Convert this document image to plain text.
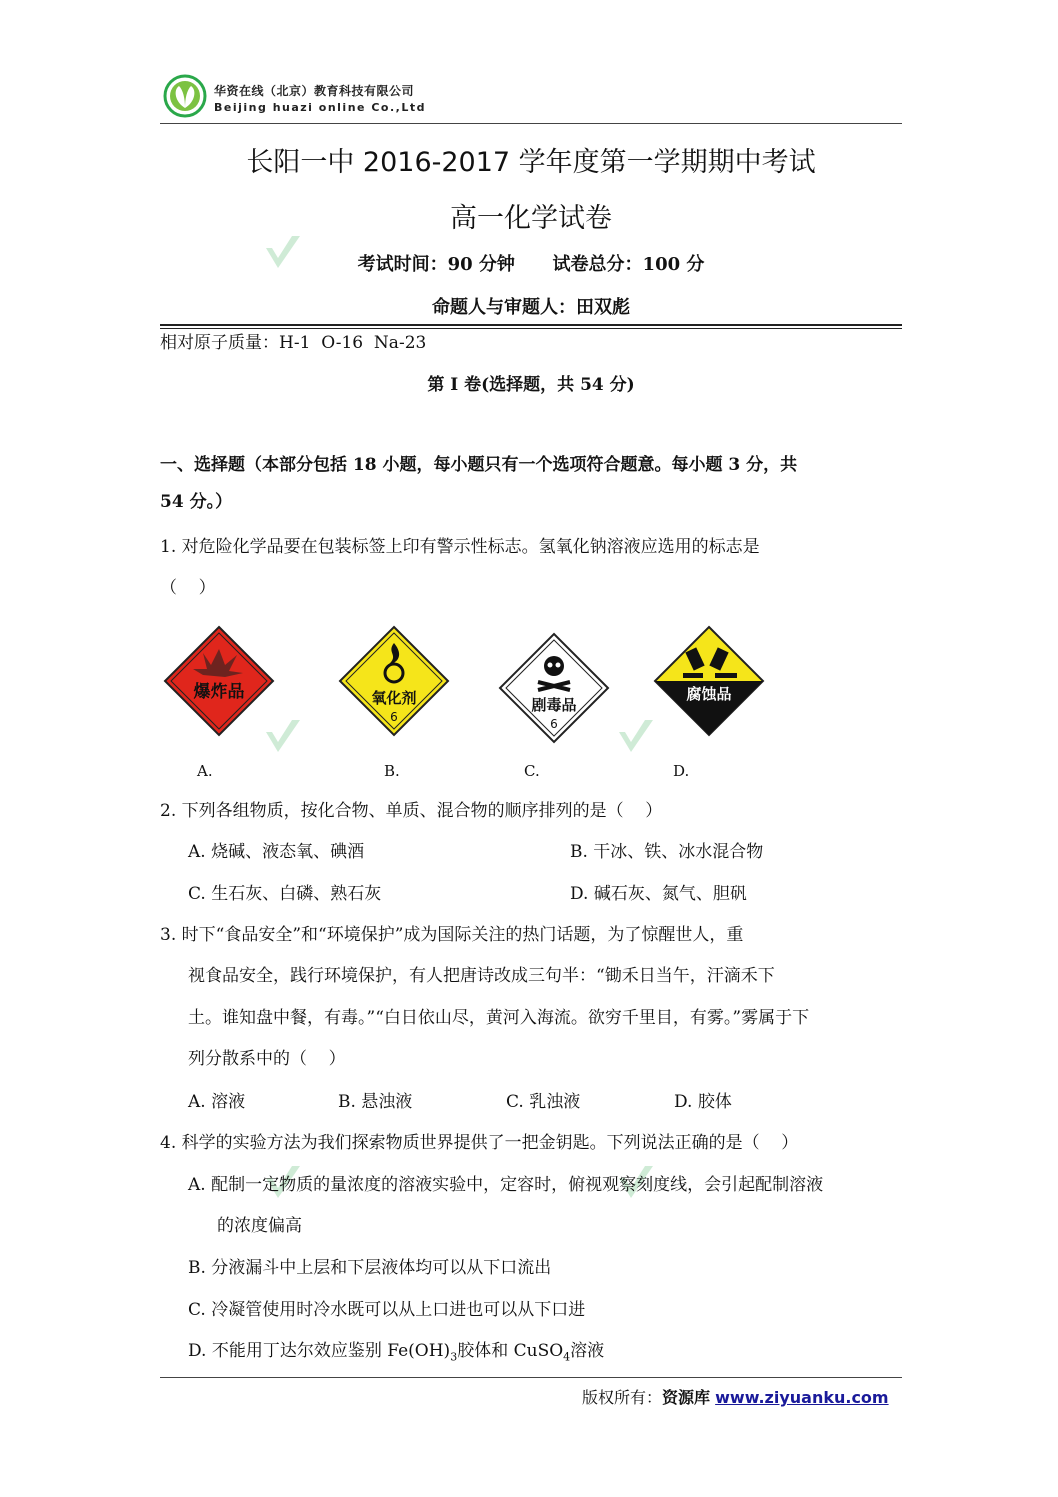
华资在线（北京）教育科技有限公司
Beijing huazi online Co.,Ltd
长阳一中 2016-2017 学年度第一学期期中考试
高一化学试卷
考试时间：90 分钟 试卷总分：100 分
命题人与审题人：田双彪
相对原子质量：H-1  O-16  Na-23
第 I 卷(选择题，共 54 分)
一、选择题（本部分包括 18 小题，每小题只有一个选项符合题意。每小题 3 分，共
54 分。）
1. 对危险化学品要在包装标签上印有警示性标志。氢氧化钠溶液应选用的标志是
（    ）
爆炸品	氧化剂
6
剧毒品
6
腐蚀品
A.	B.	C.	D.
2. 下列各组物质，按化合物、单质、混合物的顺序排列的是（    ）
A. 烧碱、液态氧、碘酒	B. 干冰、铁、冰水混合物
C. 生石灰、白磷、熟石灰	D. 碱石灰、氮气、胆矾
3. 时下“食品安全”和“环境保护”成为国际关注的热门话题，为了惊醒世人，重
视食品安全，践行环境保护，有人把唐诗改成三句半：“锄禾日当午，汗滴禾下
土。谁知盘中餐，有毒。”“白日依山尽，黄河入海流。欲穷千里目，有雾。”雾属于下
列分散系中的（    ）
A. 溶液	B. 悬浊液	C. 乳浊液	D. 胶体
4. 科学的实验方法为我们探索物质世界提供了一把金钥匙。下列说法正确的是（    ）
A. 配制一定物质的量浓度的溶液实验中，定容时，俯视观察刻度线，会引起配制溶液
的浓度偏高
B. 分液漏斗中上层和下层液体均可以从下口流出
C. 冷凝管使用时冷水既可以从上口进也可以从下口进
D. 不能用丁达尔效应鉴别 $Fe(OH)_3$胶体和 CuSO$_4$溶液
版权所有：资源库 www.ziyuanku.com
